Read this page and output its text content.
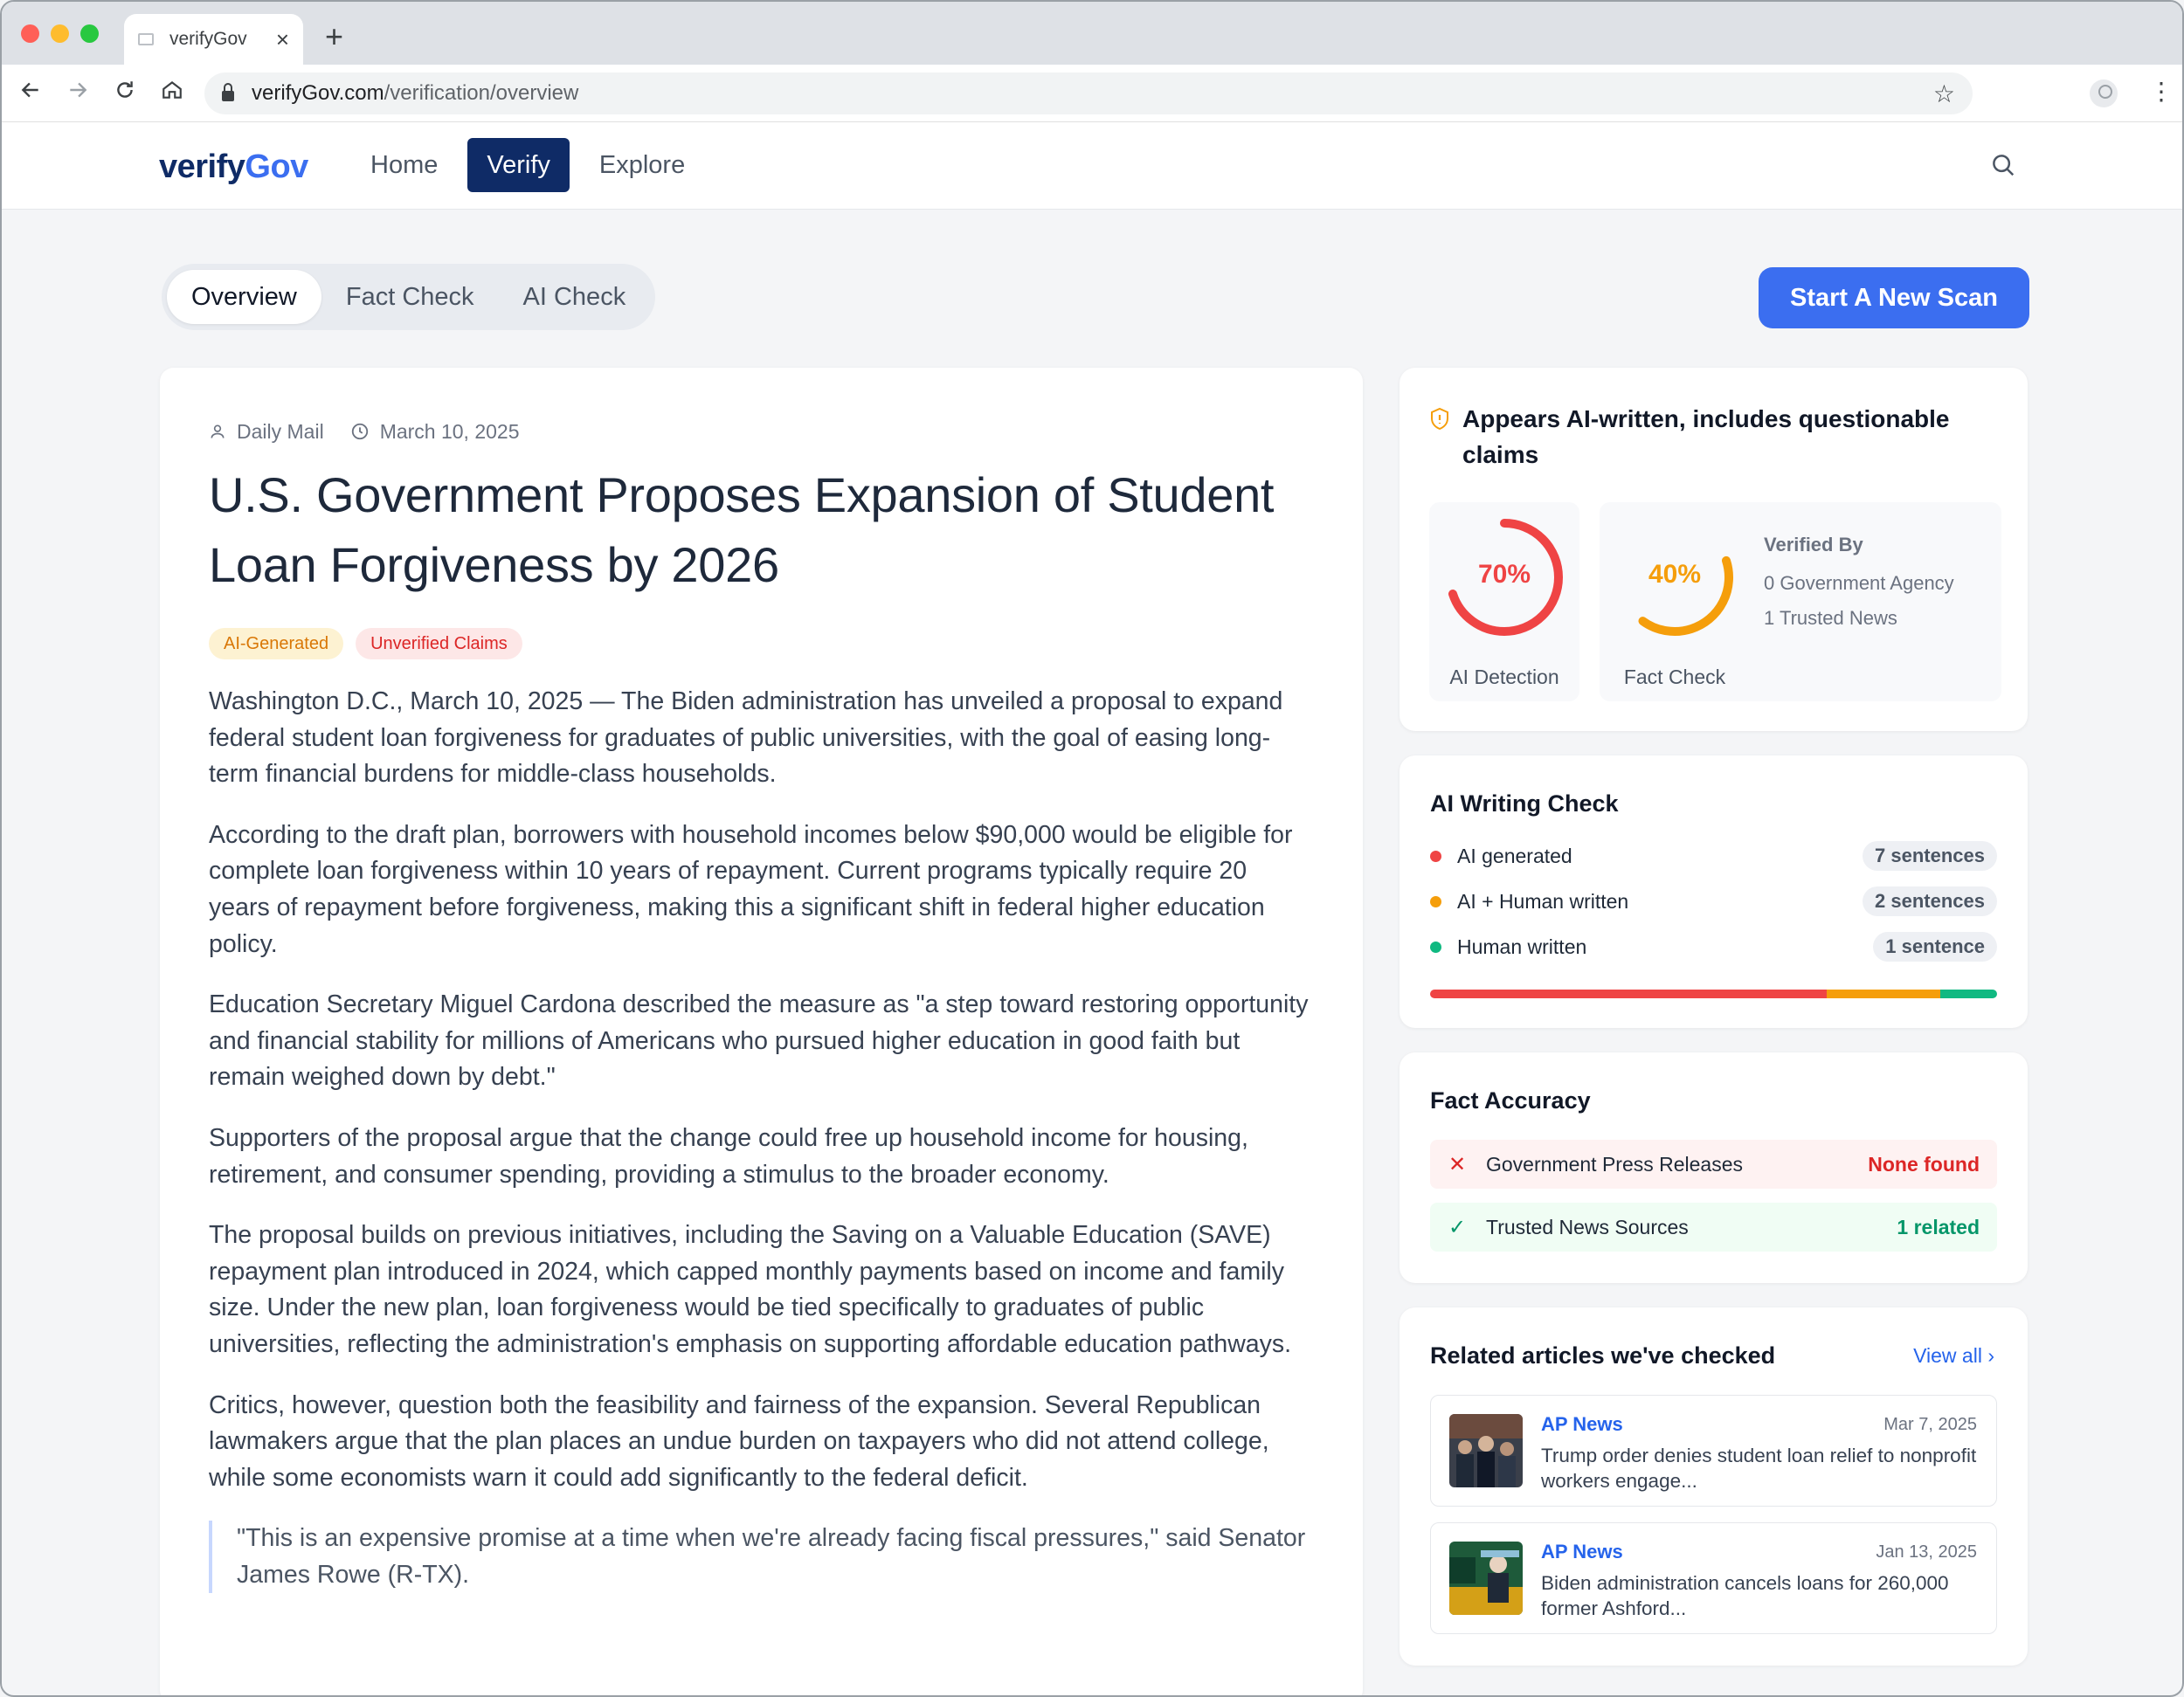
verifyGov	× +
verifyGov.com/verification/overview	☆	⋮
verifyGov	Home	Verify	Explore
Overview	Fact Check	AI Check	Start A New Scan
Daily Mail	March 10, 2025
U.S. Government Proposes Expansion of Student Loan Forgiveness by 2026
AI-Generated	Unverified Claims

Washington D.C., March 10, 2025 — The Biden administration has unveiled a proposal to expand federal student loan forgiveness for graduates of public universities, with the goal of easing long-term financial burdens for middle-class households.

According to the draft plan, borrowers with household incomes below $90,000 would be eligible for complete loan forgiveness within 10 years of repayment. Current programs typically require 20 years of repayment before forgiveness, making this a significant shift in federal higher education policy.

Education Secretary Miguel Cardona described the measure as "a step toward restoring opportunity and financial stability for millions of Americans who pursued higher education in good faith but remain weighed down by debt."

Supporters of the proposal argue that the change could free up household income for housing, retirement, and consumer spending, providing a stimulus to the broader economy.

The proposal builds on previous initiatives, including the Saving on a Valuable Education (SAVE) repayment plan introduced in 2024, which capped monthly payments based on income and family size. Under the new plan, loan forgiveness would be tied specifically to graduates of public universities, reflecting the administration's emphasis on supporting affordable education pathways.

Critics, however, question both the feasibility and fairness of the expansion. Several Republican lawmakers argue that the plan places an undue burden on taxpayers who did not attend college, while some economists warn it could add significantly to the federal deficit.

"This is an expensive promise at a time when we're already facing fiscal pressures," said Senator James Rowe (R-TX).
Appears AI-written, includes questionable claims
70%
AI Detection
40%
Fact Check
Verified By
0 Government Agency
1 Trusted News
AI Writing Check
AI generated	7 sentences
AI + Human written	2 sentences
Human written	1 sentence
Fact Accuracy
✕ Government Press Releases	None found
✓ Trusted News Sources	1 related
Related articles we've checked	View all ›
AP News	Mar 7, 2025
Trump order denies student loan relief to nonprofit workers engage...
AP News	Jan 13, 2025
Biden administration cancels loans for 260,000 former Ashford...
